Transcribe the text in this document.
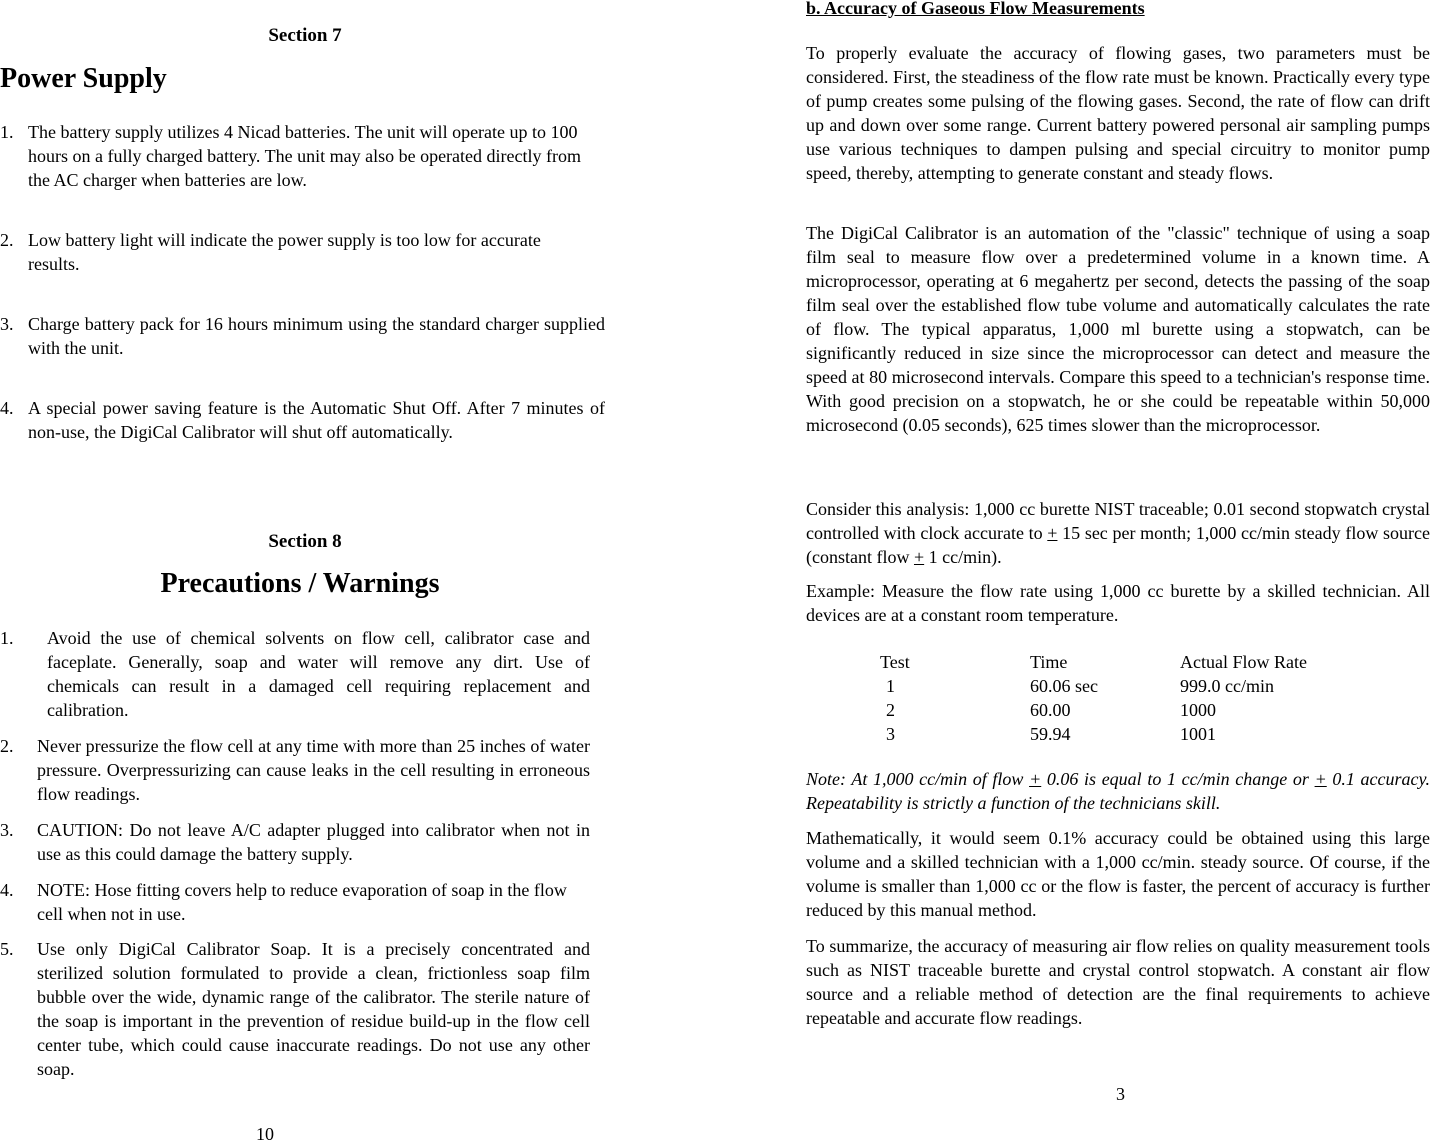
Section 7
Power Supply
1. The battery supply utilizes 4 Nicad batteries. The unit will operate up to 100 hours on a fully charged battery. The unit may also be operated directly from the AC charger when batteries are low.
2. Low battery light will indicate the power supply is too low for accurate results.
3. Charge battery pack for 16 hours minimum using the standard charger supplied with the unit.
4. A special power saving feature is the Automatic Shut Off. After 7 minutes of non-use, the DigiCal Calibrator will shut off automatically.
Section 8
Precautions / Warnings
1. Avoid the use of chemical solvents on flow cell, calibrator case and faceplate. Generally, soap and water will remove any dirt. Use of chemicals can result in a damaged cell requiring replacement and calibration.
2. Never pressurize the flow cell at any time with more than 25 inches of water pressure. Overpressurizing can cause leaks in the cell resulting in erroneous flow readings.
3. CAUTION: Do not leave A/C adapter plugged into calibrator when not in use as this could damage the battery supply.
4. NOTE: Hose fitting covers help to reduce evaporation of soap in the flow cell when not in use.
5. Use only DigiCal Calibrator Soap. It is a precisely concentrated and sterilized solution formulated to provide a clean, frictionless soap film bubble over the wide, dynamic range of the calibrator. The sterile nature of the soap is important in the prevention of residue build-up in the flow cell center tube, which could cause inaccurate readings. Do not use any other soap.
10
b. Accuracy of Gaseous Flow Measurements
To properly evaluate the accuracy of flowing gases, two parameters must be considered. First, the steadiness of the flow rate must be known. Practically every type of pump creates some pulsing of the flowing gases. Second, the rate of flow can drift up and down over some range. Current battery powered personal air sampling pumps use various techniques to dampen pulsing and special circuitry to monitor pump speed, thereby, attempting to generate constant and steady flows.
The DigiCal Calibrator is an automation of the "classic" technique of using a soap film seal to measure flow over a predetermined volume in a known time. A microprocessor, operating at 6 megahertz per second, detects the passing of the soap film seal over the established flow tube volume and automatically calculates the rate of flow. The typical apparatus, 1,000 ml burette using a stopwatch, can be significantly reduced in size since the microprocessor can detect and measure the speed at 80 microsecond intervals. Compare this speed to a technician's response time. With good precision on a stopwatch, he or she could be repeatable within 50,000 microsecond (0.05 seconds), 625 times slower than the microprocessor.
Consider this analysis: 1,000 cc burette NIST traceable; 0.01 second stopwatch crystal controlled with clock accurate to + 15 sec per month; 1,000 cc/min steady flow source (constant flow + 1 cc/min).
Example: Measure the flow rate using 1,000 cc burette by a skilled technician. All devices are at a constant room temperature.
Test	Time	Actual Flow Rate
1	60.06 sec	999.0 cc/min
2	60.00	1000
3	59.94	1001
Note: At 1,000 cc/min of flow + 0.06 is equal to 1 cc/min change or + 0.1 accuracy. Repeatability is strictly a function of the technicians skill.
Mathematically, it would seem 0.1% accuracy could be obtained using this large volume and a skilled technician with a 1,000 cc/min. steady source. Of course, if the volume is smaller than 1,000 cc or the flow is faster, the percent of accuracy is further reduced by this manual method.
To summarize, the accuracy of measuring air flow relies on quality measurement tools such as NIST traceable burette and crystal control stopwatch. A constant air flow source and a reliable method of detection are the final requirements to achieve repeatable and accurate flow readings.
3
